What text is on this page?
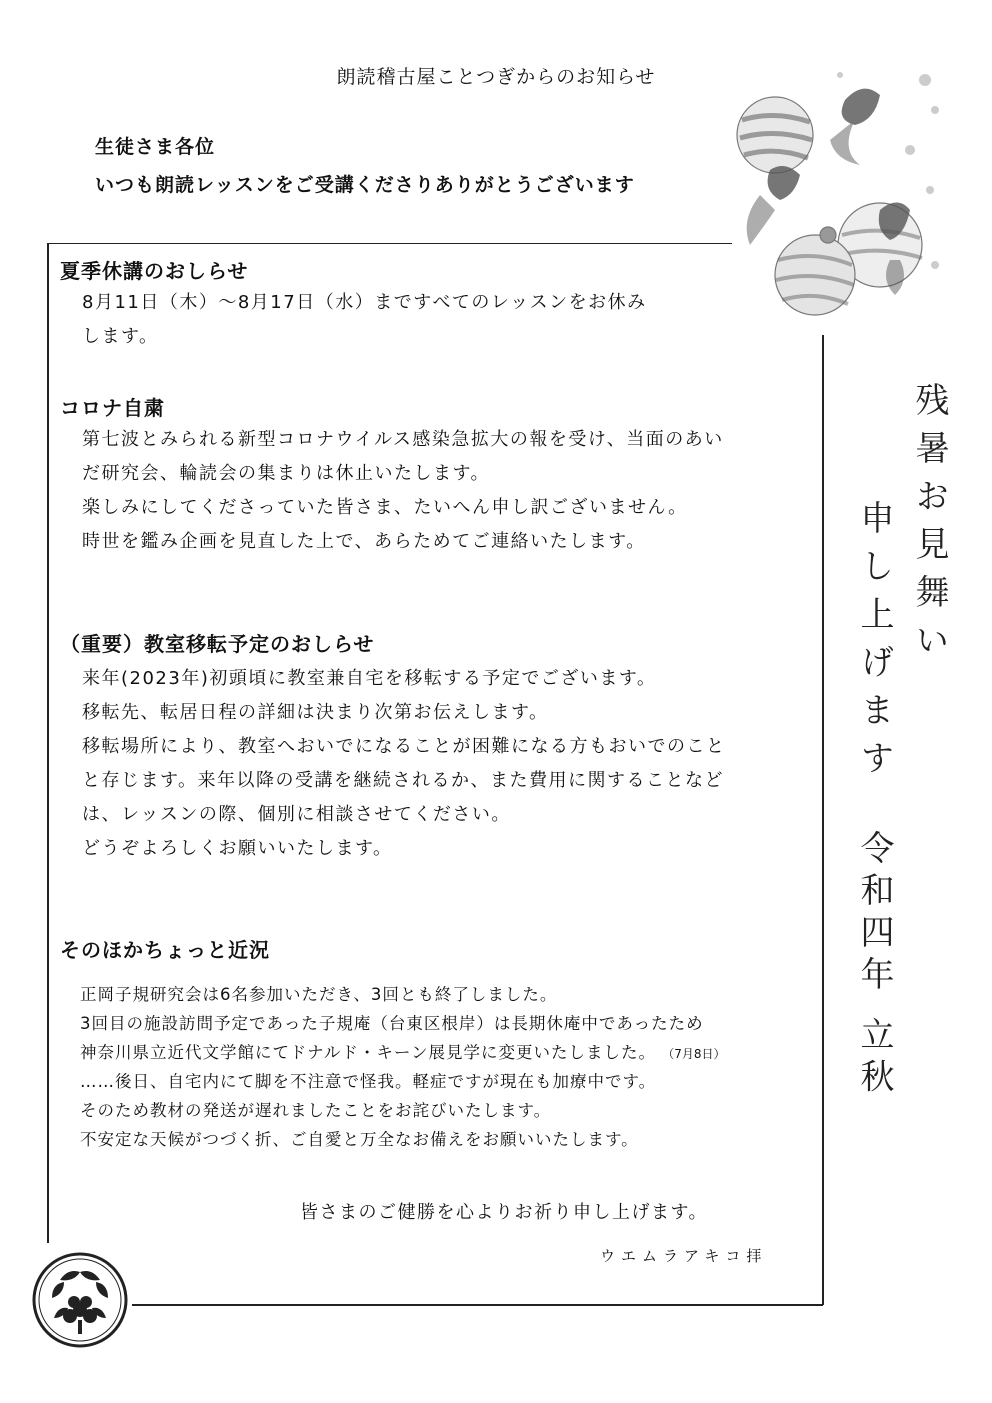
朗読稽古屋ことつぎからのお知らせ
生徒さま各位
いつも朗読レッスンをご受講くださりありがとうございます
夏季休講のおしらせ
8月11日（木）～8月17日（水）まですべてのレッスンをお休み
します。
コロナ自粛
第七波とみられる新型コロナウイルス感染急拡大の報を受け、当面のあい
だ研究会、輪読会の集まりは休止いたします。
楽しみにしてくださっていた皆さま、たいへん申し訳ございません。
時世を鑑み企画を見直した上で、あらためてご連絡いたします。
（重要）教室移転予定のおしらせ
来年(2023年)初頭頃に教室兼自宅を移転する予定でございます。
移転先、転居日程の詳細は決まり次第お伝えします。
移転場所により、教室へおいでになることが困難になる方もおいでのこと
と存じます。来年以降の受講を継続されるか、また費用に関することなど
は、レッスンの際、個別に相談させてください。
どうぞよろしくお願いいたします。
そのほかちょっと近況
正岡子規研究会は6名参加いただき、3回とも終了しました。
3回目の施設訪問予定であった子規庵（台東区根岸）は長期休庵中であったため
神奈川県立近代文学館にてドナルド・キーン展見学に変更いたしました。 （7月8日）
……後日、自宅内にて脚を不注意で怪我。軽症ですが現在も加療中です。
そのため教材の発送が遅れましたことをお詫びいたします。
不安定な天候がつづく折、ご自愛と万全なお備えをお願いいたします。
皆さまのご健勝を心よりお祈り申し上げます。
ウエムラアキコ拝
残暑お見舞い
申し上げます
令和四年 立秋
